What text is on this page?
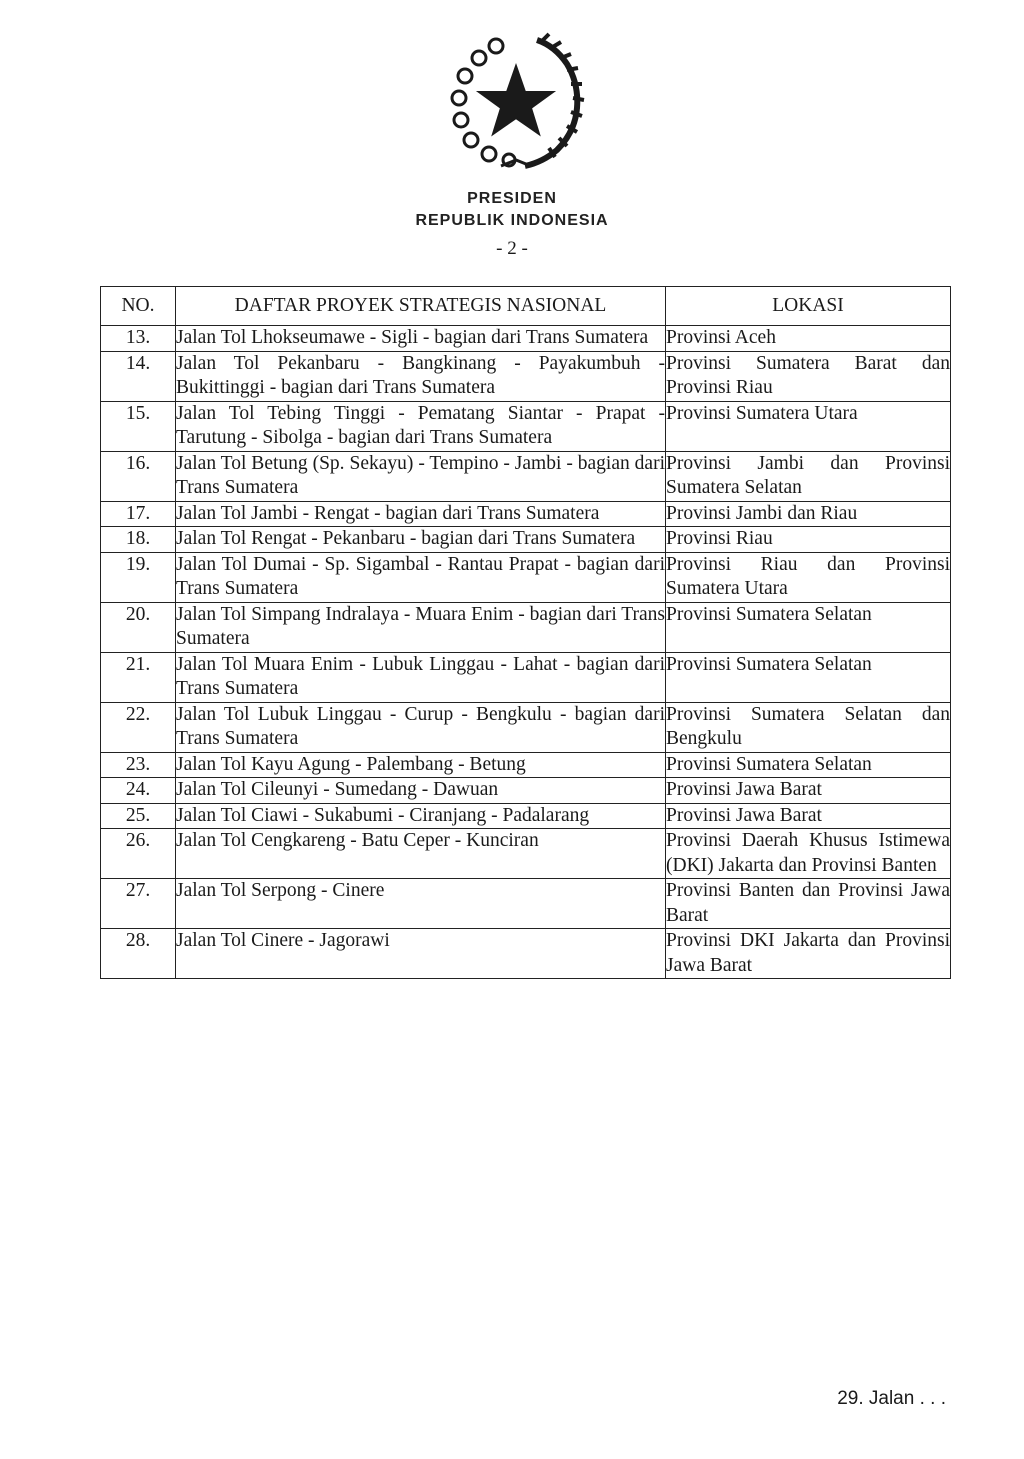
PRESIDEN
REPUBLIK INDONESIA
- 2 -
NO.	DAFTAR PROYEK STRATEGIS NASIONAL	LOKASI
13.	Jalan Tol Lhokseumawe - Sigli - bagian dari Trans Sumatera	Provinsi Aceh
14.	Jalan Tol Pekanbaru - Bangkinang - Payakumbuh - Bukittinggi - bagian dari Trans Sumatera	Provinsi Sumatera Barat dan Provinsi Riau
15.	Jalan Tol Tebing Tinggi - Pematang Siantar - Prapat - Tarutung - Sibolga - bagian dari Trans Sumatera	Provinsi Sumatera Utara
16.	Jalan Tol Betung (Sp. Sekayu) - Tempino - Jambi - bagian dari Trans Sumatera	Provinsi Jambi dan Provinsi Sumatera Selatan
17.	Jalan Tol Jambi - Rengat - bagian dari Trans Sumatera	Provinsi Jambi dan Riau
18.	Jalan Tol Rengat - Pekanbaru - bagian dari Trans Sumatera	Provinsi Riau
19.	Jalan Tol Dumai - Sp. Sigambal - Rantau Prapat - bagian dari Trans Sumatera	Provinsi Riau dan Provinsi Sumatera Utara
20.	Jalan Tol Simpang Indralaya - Muara Enim - bagian dari Trans Sumatera	Provinsi Sumatera Selatan
21.	Jalan Tol Muara Enim - Lubuk Linggau - Lahat - bagian dari Trans Sumatera	Provinsi Sumatera Selatan
22.	Jalan Tol Lubuk Linggau - Curup - Bengkulu - bagian dari Trans Sumatera	Provinsi Sumatera Selatan dan Bengkulu
23.	Jalan Tol Kayu Agung - Palembang - Betung	Provinsi Sumatera Selatan
24.	Jalan Tol Cileunyi - Sumedang - Dawuan	Provinsi Jawa Barat
25.	Jalan Tol Ciawi - Sukabumi - Ciranjang - Padalarang	Provinsi Jawa Barat
26.	Jalan Tol Cengkareng - Batu Ceper - Kunciran	Provinsi Daerah Khusus Istimewa (DKI) Jakarta dan Provinsi Banten
27.	Jalan Tol Serpong - Cinere	Provinsi Banten dan Provinsi Jawa Barat
28.	Jalan Tol Cinere - Jagorawi	Provinsi DKI Jakarta dan Provinsi Jawa Barat
29. Jalan . . .
